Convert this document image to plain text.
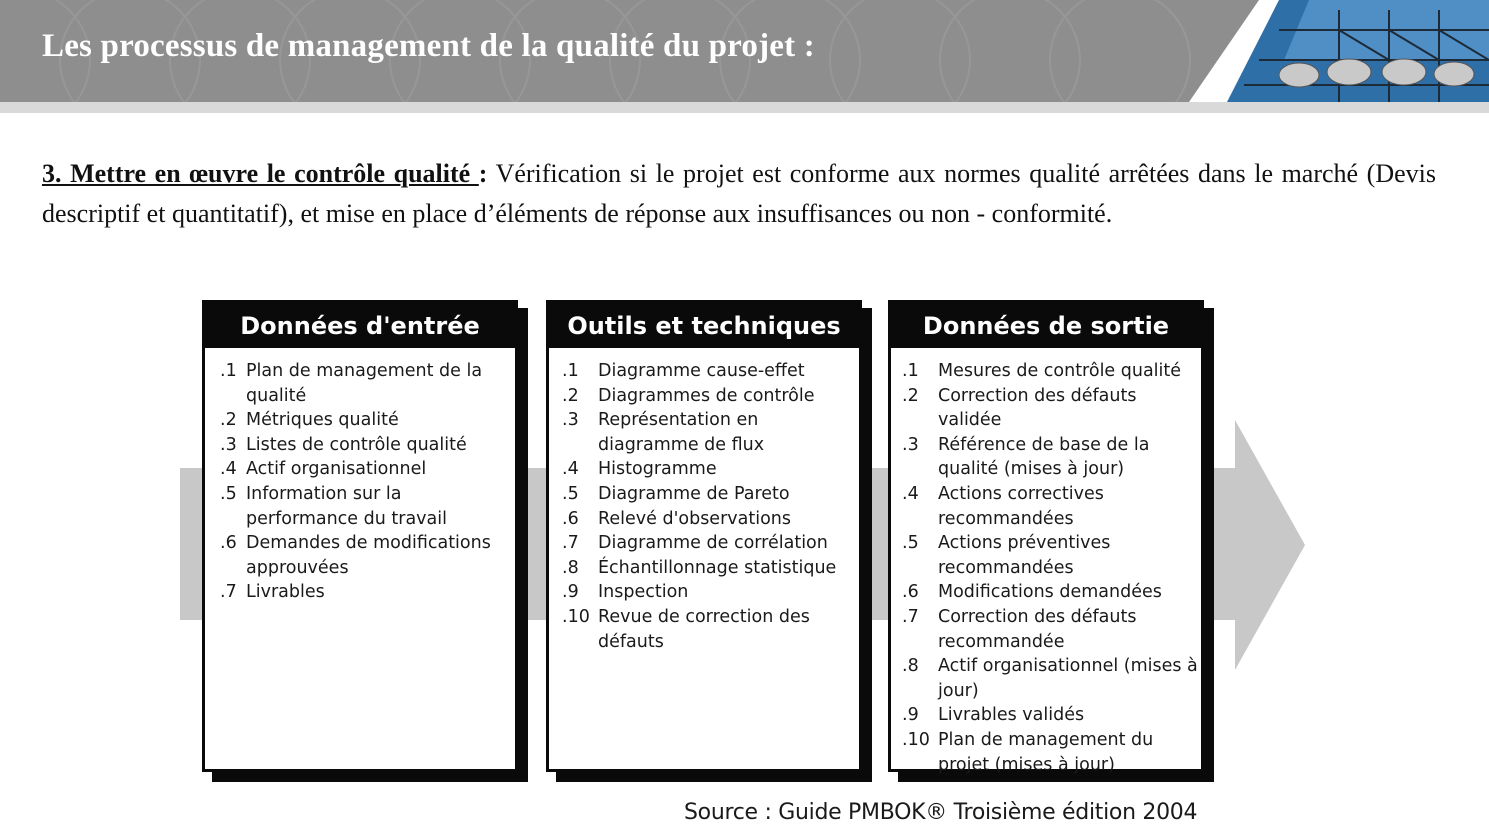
Les processus de management de la qualité du projet :
3. Mettre en œuvre le contrôle qualité : Vérification si le projet est conforme aux normes qualité arrêtées dans le marché (Devis descriptif et quantitatif), et mise en place d’éléments de réponse aux insuffisances ou non - conformité.
Données d'entrée
.1 Plan de management de la qualité
.2 Métriques qualité
.3 Listes de contrôle qualité
.4 Actif organisationnel
.5 Information sur la performance du travail
.6 Demandes de modifications approuvées
.7 Livrables
Outils et techniques
.1 Diagramme cause-effet
.2 Diagrammes de contrôle
.3 Représentation en diagramme de flux
.4 Histogramme
.5 Diagramme de Pareto
.6 Relevé d'observations
.7 Diagramme de corrélation
.8 Échantillonnage statistique
.9 Inspection
.10 Revue de correction des défauts
Données de sortie
.1 Mesures de contrôle qualité
.2 Correction des défauts validée
.3 Référence de base de la qualité (mises à jour)
.4 Actions correctives recommandées
.5 Actions préventives recommandées
.6 Modifications demandées
.7 Correction des défauts recommandée
.8 Actif organisationnel (mises à jour)
.9 Livrables validés
.10 Plan de management du projet (mises à jour)
Source : Guide PMBOK® Troisième édition 2004
